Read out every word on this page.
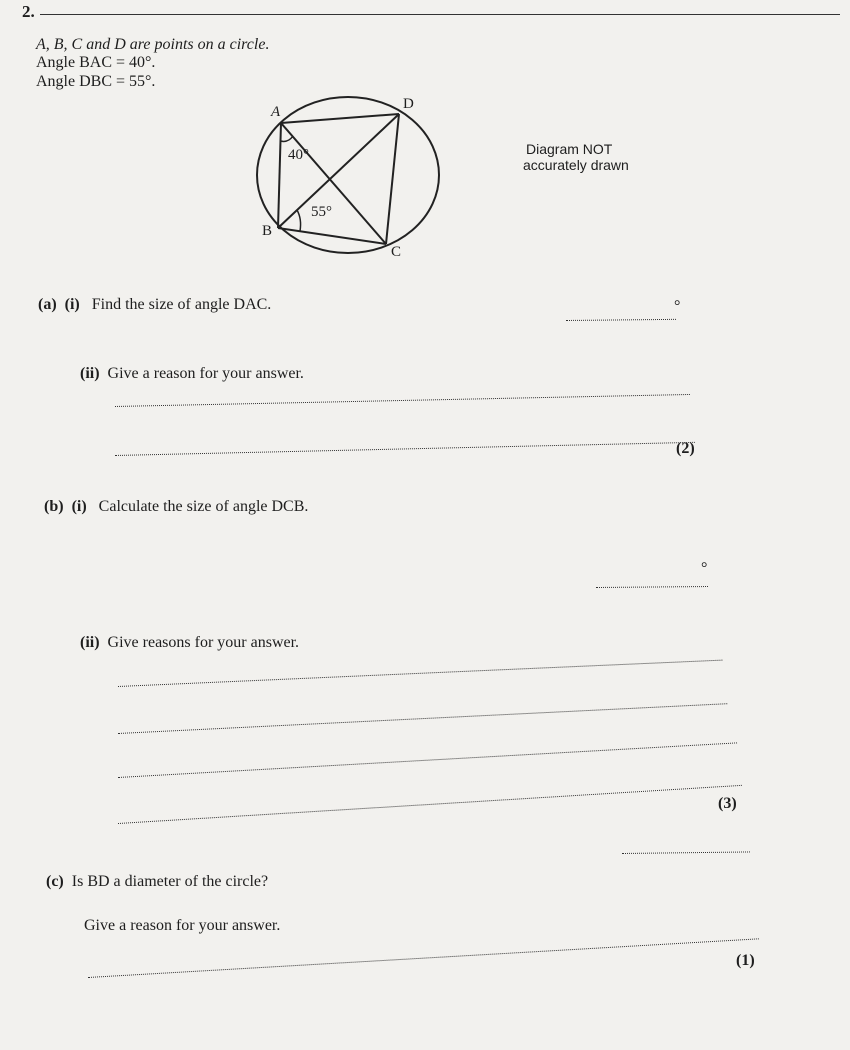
2.
A, B, C and D are points on a circle.
Angle BAC = 40°.
Angle DBC = 55°.
A	D
B
C
40°
55°
Diagram NOT
accurately drawn
(a) (i) Find the size of angle DAC.	°
(ii) Give a reason for your answer.
(2)
(b) (i) Calculate the size of angle DCB.
°
(ii) Give reasons for your answer.
(3)
(c) Is BD a diameter of the circle?
Give a reason for your answer.
(1)
